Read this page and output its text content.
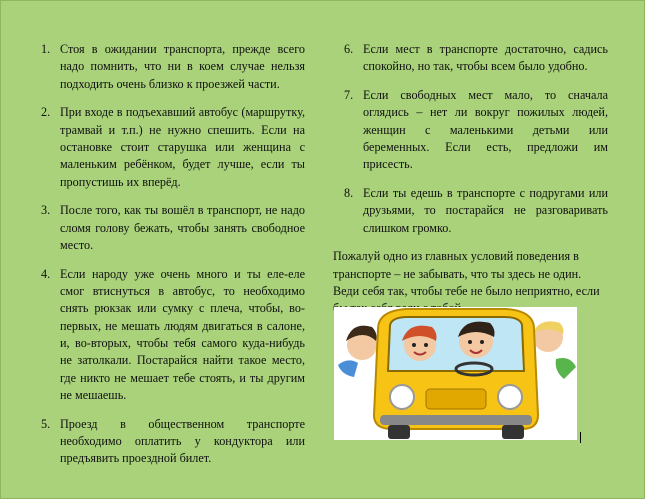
1. Стоя в ожидании транспорта, прежде всего надо помнить, что ни в коем случае нельзя подходить очень близко к проезжей части.
2. При входе в подъехавший автобус (маршрутку, трамвай и т.п.) не нужно спешить. Если на остановке стоит старушка или женщина с маленьким ребёнком, будет лучше, если ты пропустишь их вперёд.
3. После того, как ты вошёл в транспорт, не надо сломя голову бежать, чтобы занять свободное место.
4. Если народу уже очень много и ты еле-еле смог втиснуться в автобус, то необходимо снять рюкзак или сумку с плеча, чтобы, во-первых, не мешать людям двигаться в салоне, и, во-вторых, чтобы тебя самого куда-нибудь не затолкали. Постарайся найти такое место, где никто не мешает тебе стоять, и ты другим не мешаешь.
5. Проезд в общественном транспорте необходимо оплатить у кондуктора или предъявить проездной билет.
6. Если мест в транспорте достаточно, садись спокойно, но так, чтобы всем было удобно.
7. Если свободных мест мало, то сначала оглядись – нет ли вокруг пожилых людей, женщин с маленькими детьми или беременных. Если есть, предложи им присесть.
8. Если ты едешь в транспорте с подругами или друзьями, то постарайся не разговаривать слишком громко.

Пожалуй одно из главных условий поведения в транспорте – не забывать, что ты здесь не один. Веди себя так, чтобы тебе не было неприятно, если
